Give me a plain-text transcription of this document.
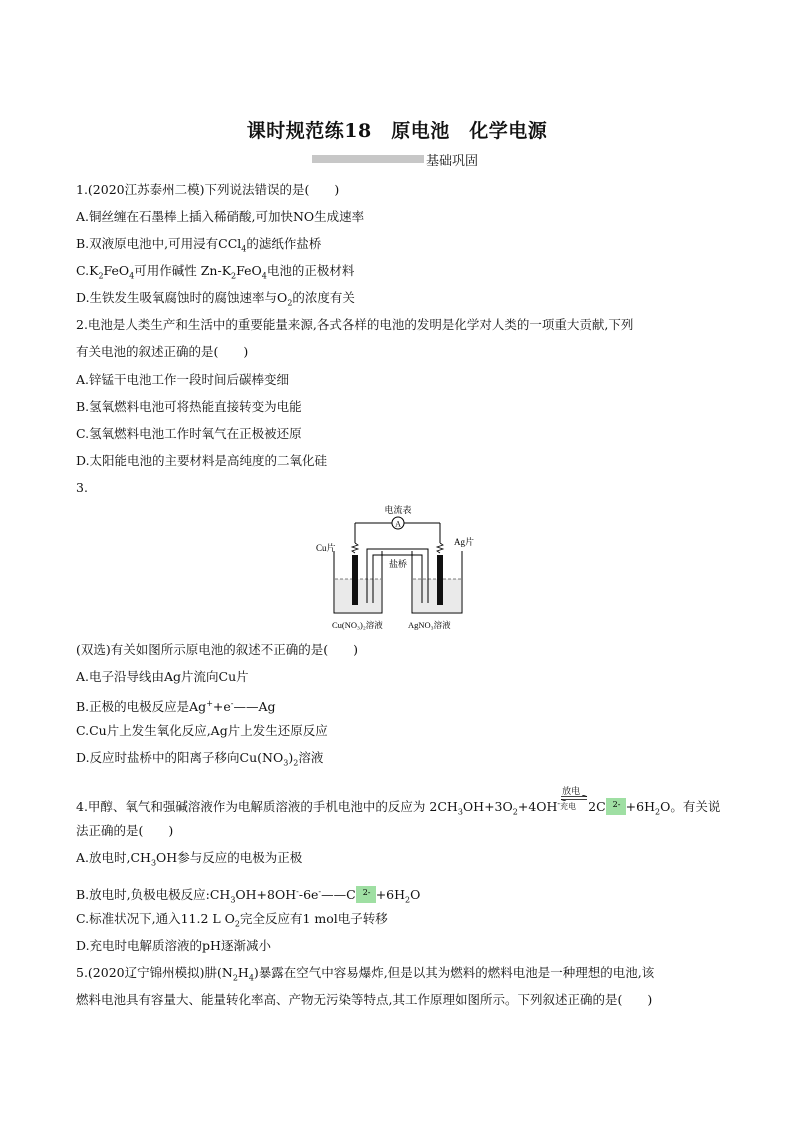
课时规范练18　原电池　化学电源
基础巩固
1.(2020江苏泰州二模)下列说法错误的是(　　)
A.铜丝缠在石墨棒上插入稀硝酸,可加快NO生成速率
B.双液原电池中,可用浸有CCl$_4$的滤纸作盐桥
$C.K_2FeO_4$可用作碱性 $Zn-K_2FeO_4$电池的正极材料
D.生铁发生吸氧腐蚀时的腐蚀速率与$O_2$的浓度有关
2.电池是人类生产和生活中的重要能量来源,各式各样的电池的发明是化学对人类的一项重大贡献,下列
有关电池的叙述正确的是(　　)
A.锌锰干电池工作一段时间后碳棒变细
B.氢氧燃料电池可将热能直接转变为电能
C.氢氧燃料电池工作时氧气在正极被还原
D.太阳能电池的主要材料是高纯度的二氧化硅
3.
A
电流表
盐桥
Cu片
Ag片
Cu(NO₃)₂溶液	AgNO₃溶液
(双选)有关如图所示原电池的叙述不正确的是(　　)
A.电子沿导线由Ag片流向Cu片
B.正极的电极反应是Ag++e-——Ag
C.Cu片上发生氧化反应,Ag片上发生还原反应
D.反应时盐桥中的阳离子移向$Cu(NO_3)_2$溶液
4.甲醇、氧气和强碱溶液作为电解质溶液的手机电池中的反应为 $2CH_3OH+3O_2+4OH^-$
放电
充电 2C $2- +6H_2O$。有关说
法正确的是(　　)
A.放电时$,CH_3OH$参与反应的电极为正极
B.放电时,负极电极反应$:CH_3OH+8OH^--6e^-——C$ $2- +6H_2O$
C.标准状况下,通入11.2 L $O_2$完全反应有1 mol电子转移
D.充电时电解质溶液的pH逐渐减小
5.(2020辽宁锦州模拟)肼$(N_2H_4)$暴露在空气中容易爆炸,但是以其为燃料的燃料电池是一种理想的电池,该
燃料电池具有容量大、能量转化率高、产物无污染等特点,其工作原理如图所示。下列叙述正确的是(　　)
